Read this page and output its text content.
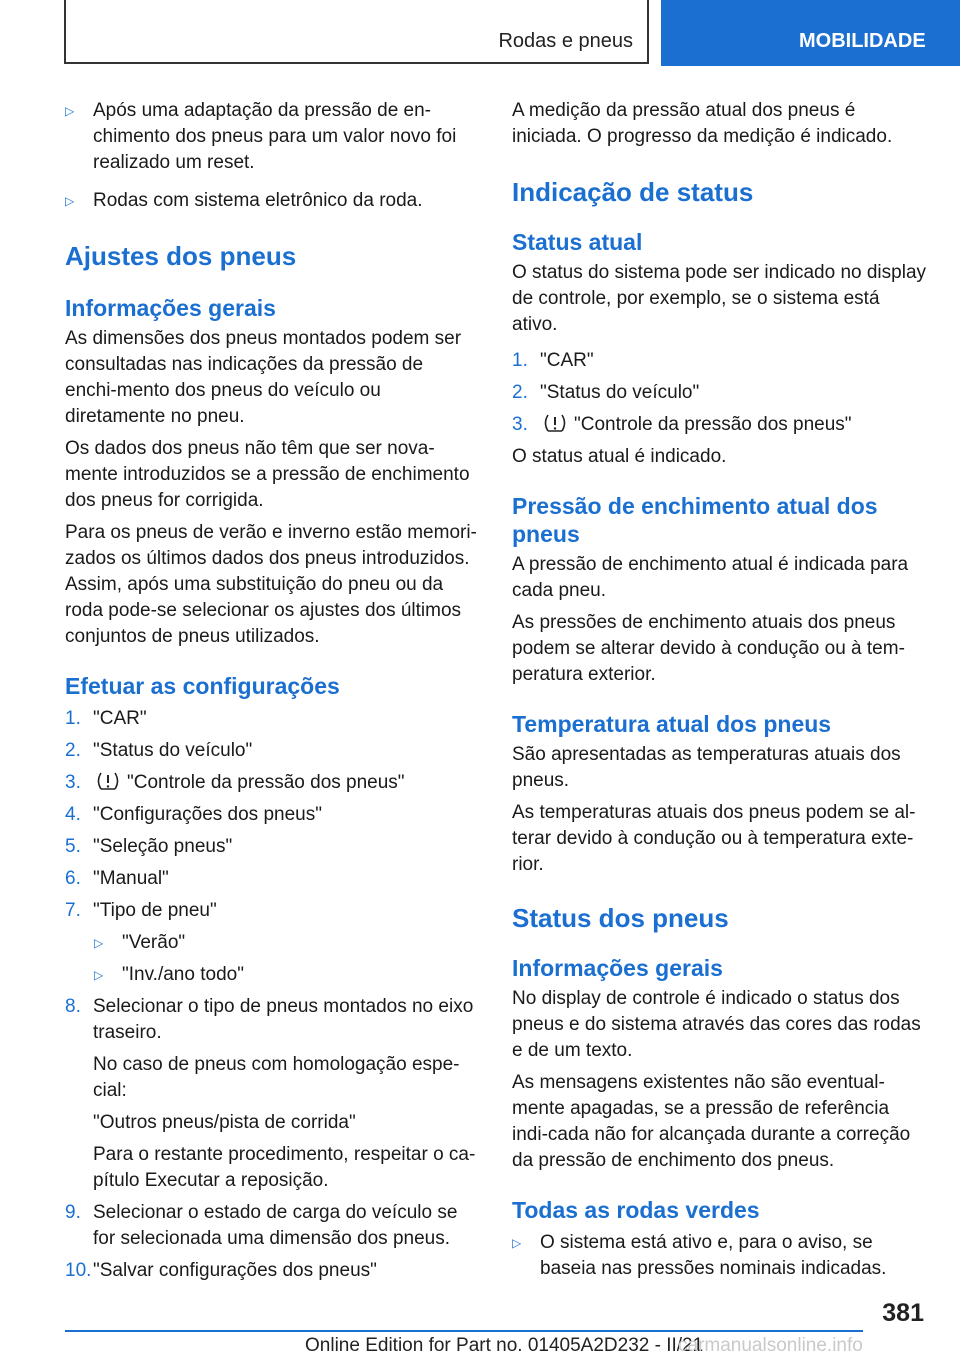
Rodas e pneus	MOBILIDADE
▷ Após uma adaptação da pressão de en-chimento dos pneus para um valor novo foi realizado um reset.
▷ Rodas com sistema eletrônico da roda.
Ajustes dos pneus
Informações gerais

As dimensões dos pneus montados podem ser consultadas nas indicações da pressão de enchi-mento dos pneus do veículo ou diretamente no pneu.

Os dados dos pneus não têm que ser nova-mente introduzidos se a pressão de enchimento dos pneus for corrigida.

Para os pneus de verão e inverno estão memori-zados os últimos dados dos pneus introduzidos. Assim, após uma substituição do pneu ou da roda pode-se selecionar os ajustes dos últimos conjuntos de pneus utilizados.

Efetuar as configurações
1. "CAR"
2. "Status do veículo"
3. "Controle da pressão dos pneus"
4. "Configurações dos pneus"
5. "Seleção pneus"
6. "Manual"
7. "Tipo de pneu"
▷ "Verão"
▷ "Inv./ano todo"
8. Selecionar o tipo de pneus montados no eixo traseiro.

No caso de pneus com homologação espe-cial:

"Outros pneus/pista de corrida"

Para o restante procedimento, respeitar o ca-pítulo Executar a reposição.

9. Selecionar o estado de carga do veículo se for selecionada uma dimensão dos pneus.
10. "Salvar configurações dos pneus"

A medição da pressão atual dos pneus é iniciada. O progresso da medição é indicado.

Indicação de status
Status atual

O status do sistema pode ser indicado no display de controle, por exemplo, se o sistema está ativo.

1. "CAR"
2. "Status do veículo"
3. "Controle da pressão dos pneus"

O status atual é indicado.

Pressão de enchimento atual dos pneus

A pressão de enchimento atual é indicada para cada pneu.

As pressões de enchimento atuais dos pneus podem se alterar devido à condução ou à tem-peratura exterior.

Temperatura atual dos pneus

São apresentadas as temperaturas atuais dos pneus.

As temperaturas atuais dos pneus podem se al-terar devido à condução ou à temperatura exte-rior.

Status dos pneus
Informações gerais

No display de controle é indicado o status dos pneus e do sistema através das cores das rodas e de um texto.

As mensagens existentes não são eventual-mente apagadas, se a pressão de referência indi-cada não for alcançada durante a correção da pressão de enchimento dos pneus.

Todas as rodas verdes
▷ O sistema está ativo e, para o aviso, se baseia nas pressões nominais indicadas.
381
Online Edition for Part no. 01405A2D232 - II/21
carmanualsonline.info
